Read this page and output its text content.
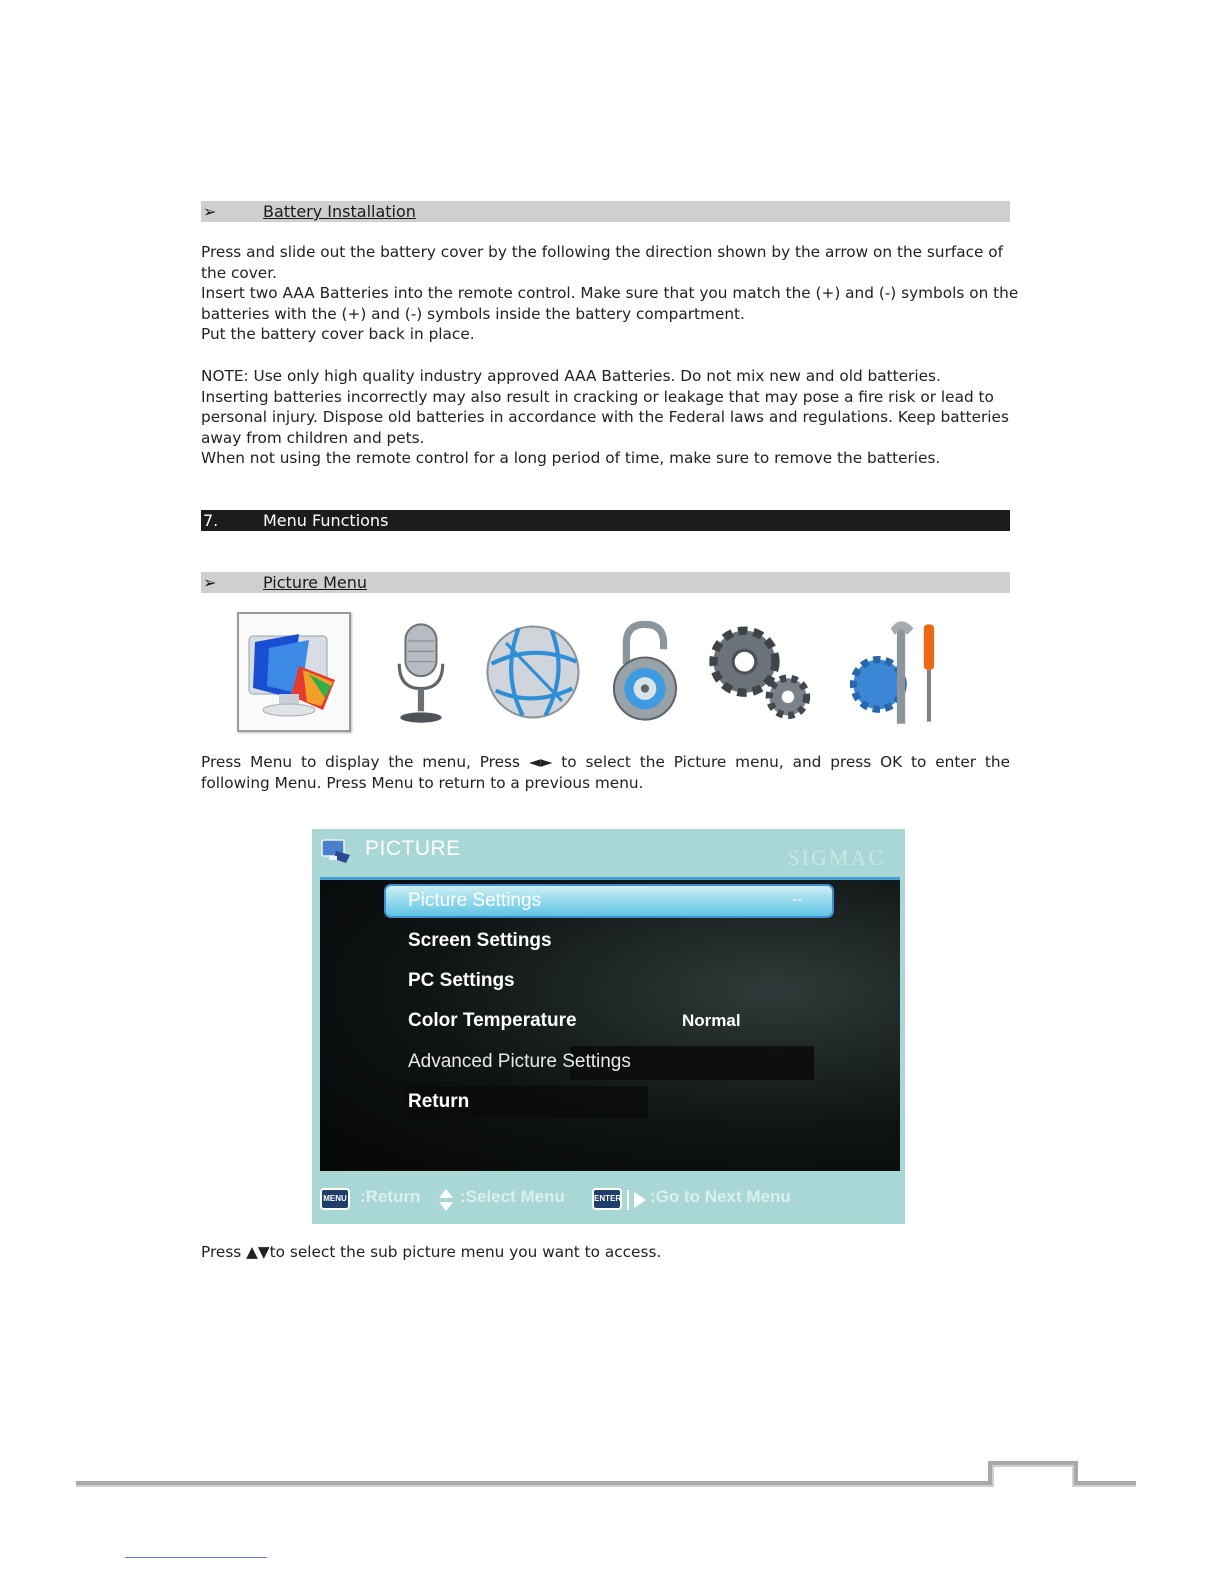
➢	Battery Installation

Press and slide out the battery cover by the following the direction shown by the arrow on the surface of

the cover.

Insert two AAA Batteries into the remote control. Make sure that you match the (+) and (-) symbols on the

batteries with the (+) and (-) symbols inside the battery compartment.

Put the battery cover back in place.

NOTE: Use only high quality industry approved AAA Batteries. Do not mix new and old batteries.

Inserting batteries incorrectly may also result in cracking or leakage that may pose a fire risk or lead to

personal injury. Dispose old batteries in accordance with the Federal laws and regulations. Keep batteries

away from children and pets.

When not using the remote control for a long period of time, make sure to remove the batteries.

7.	Menu Functions
➢	Picture Menu

Press Menu to display the menu, Press ◄► to select the Picture menu, and press OK to enter the

following Menu. Press Menu to return to a previous menu.

PICTURE	SIGMAC
--
Picture Settings
Screen Settings
PC Settings
Color Temperature	Normal
Advanced Picture Settings
Return
MENU :Return :Select Menu	ENTER :Go to Next Menu

Press ▲▼to select the sub picture menu you want to access.
